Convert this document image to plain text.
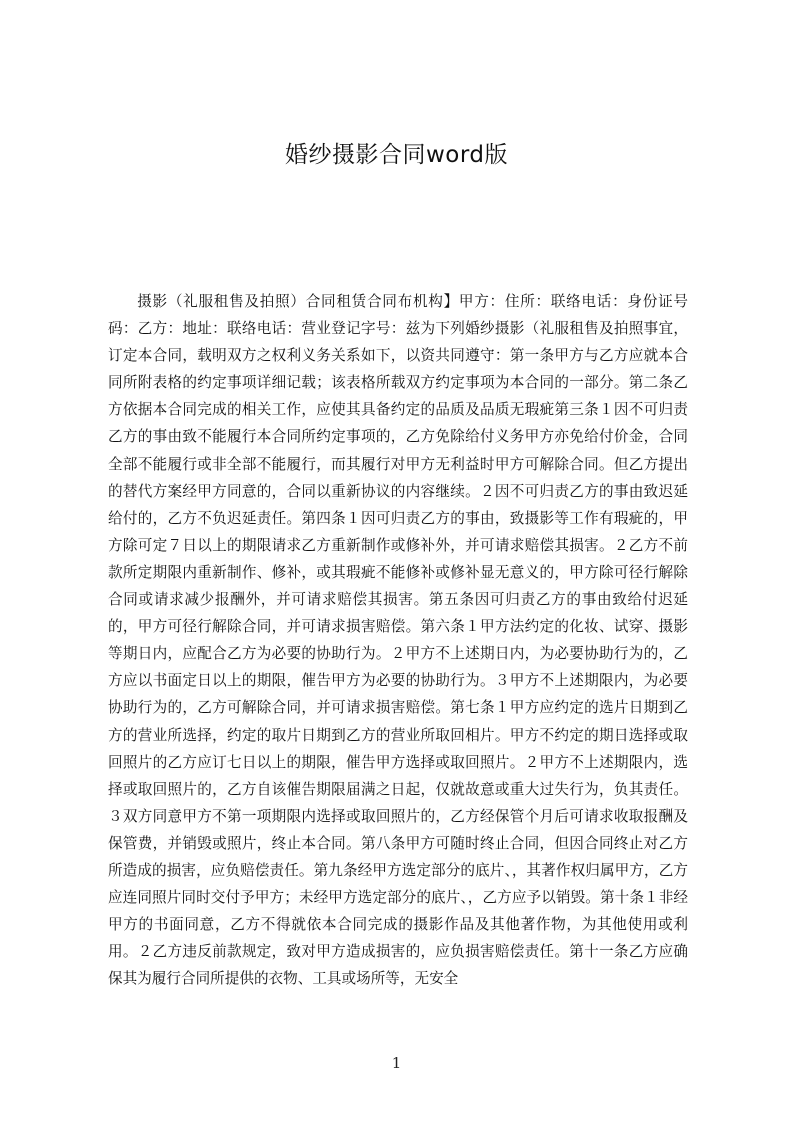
婚纱摄影合同word版

摄影（礼服租售及拍照）合同租赁合同布机构】甲方：住所：联络电话：身份证号码：乙方：地址：联络电话：营业登记字号：兹为下列婚纱摄影（礼服租售及拍照事宜，订定本合同，载明双方之权利义务关系如下，以资共同遵守：第一条甲方与乙方应就本合同所附表格的约定事项详细记载；该表格所载双方约定事项为本合同的一部分。第二条乙方依据本合同完成的相关工作，应使其具备约定的品质及品质无瑕疵第三条１因不可归责乙方的事由致不能履行本合同所约定事项的，乙方免除给付义务甲方亦免给付价金，合同全部不能履行或非全部不能履行，而其履行对甲方无利益时甲方可解除合同。但乙方提出的替代方案经甲方同意的，合同以重新协议的内容继续。２因不可归责乙方的事由致迟延给付的，乙方不负迟延责任。第四条１因可归责乙方的事由，致摄影等工作有瑕疵的，甲方除可定７日以上的期限请求乙方重新制作或修补外，并可请求赔偿其损害。２乙方不前款所定期限内重新制作、修补，或其瑕疵不能修补或修补显无意义的，甲方除可径行解除合同或请求减少报酬外，并可请求赔偿其损害。第五条因可归责乙方的事由致给付迟延的，甲方可径行解除合同，并可请求损害赔偿。第六条１甲方法约定的化妆、试穿、摄影等期日内，应配合乙方为必要的协助行为。２甲方不上述期日内，为必要协助行为的，乙方应以书面定日以上的期限，催告甲方为必要的协助行为。３甲方不上述期限内，为必要协助行为的，乙方可解除合同，并可请求损害赔偿。第七条１甲方应约定的选片日期到乙方的营业所选择，约定的取片日期到乙方的营业所取回相片。甲方不约定的期日选择或取回照片的乙方应订七日以上的期限，催告甲方选择或取回照片。２甲方不上述期限内，选择或取回照片的，乙方自该催告期限届满之日起，仅就故意或重大过失行为，负其责任。３双方同意甲方不第一项期限内选择或取回照片的，乙方经保管个月后可请求收取报酬及保管费，并销毁或照片，终止本合同。第八条甲方可随时终止合同，但因合同终止对乙方所造成的损害，应负赔偿责任。第九条经甲方选定部分的底片、，其著作权归属甲方，乙方应连同照片同时交付予甲方；未经甲方选定部分的底片、，乙方应予以销毁。第十条１非经甲方的书面同意，乙方不得就依本合同完成的摄影作品及其他著作物，为其他使用或利用。２乙方违反前款规定，致对甲方造成损害的，应负损害赔偿责任。第十一条乙方应确保其为履行合同所提供的衣物、工具或场所等，无安全

1
